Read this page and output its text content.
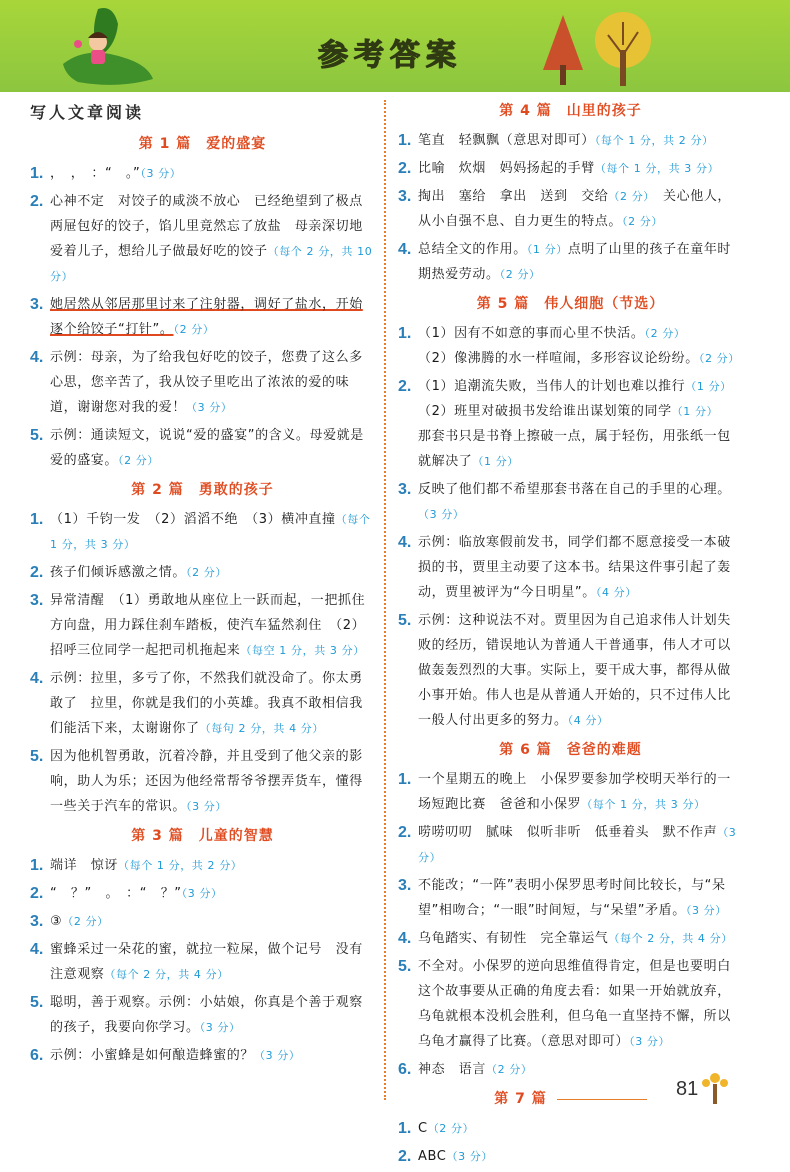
参考答案
写人文章阅读
第 1 篇　爱的盛宴
1. ，　，　：“　。”（3 分）
2. 心神不定　对饺子的咸淡不放心　已经绝望到了极点　两屉包好的饺子，馅儿里竟然忘了放盐　母亲深切地爱着儿子，想给儿子做最好吃的饺子（每个 2 分，共 10 分）
3. 她居然从邻居那里讨来了注射器，调好了盐水，开始逐个给饺子“打针”。（2 分）
4. 示例：母亲，为了给我包好吃的饺子，您费了这么多心思，您辛苦了，我从饺子里吃出了浓浓的爱的味道，谢谢您对我的爱！（3 分）
5. 示例：通读短文，说说“爱的盛宴”的含义。母爱就是爱的盛宴。（2 分）
第 2 篇　勇敢的孩子
1. （1）千钧一发　（2）滔滔不绝　（3）横冲直撞（每个 1 分，共 3 分）
2. 孩子们倾诉感激之情。（2 分）
3. 异常清醒　（1）勇敢地从座位上一跃而起，一把抓住方向盘，用力踩住刹车踏板，使汽车猛然刹住　（2）招呼三位同学一起把司机拖起来（每空 1 分，共 3 分）
4. 示例：拉里，多亏了你，不然我们就没命了。你太勇敢了　拉里，你就是我们的小英雄。我真不敢相信我们能活下来，太谢谢你了（每句 2 分，共 4 分）
5. 因为他机智勇敢，沉着冷静，并且受到了他父亲的影响，助人为乐；还因为他经常帮爷爷摆弄货车，懂得一些关于汽车的常识。（3 分）
第 3 篇　儿童的智慧
1. 端详　惊讶（每个 1 分，共 2 分）
2. “　？”　。　：“　？”（3 分）
3. ③（2 分）
4. 蜜蜂采过一朵花的蜜，就拉一粒屎，做个记号　没有注意观察（每个 2 分，共 4 分）
5. 聪明，善于观察。示例：小姑娘，你真是个善于观察的孩子，我要向你学习。（3 分）
6. 示例：小蜜蜂是如何酿造蜂蜜的？（3 分）
第 4 篇　山里的孩子
1. 笔直　轻飘飘（意思对即可）（每个 1 分，共 2 分）
2. 比喻　炊烟　妈妈扬起的手臂（每个 1 分，共 3 分）
3. 掏出　塞给　拿出　送到　交给（2 分）　 关心他人，从小自强不息、自力更生的特点。（2 分）
4. 总结全文的作用。（1 分）点明了山里的孩子在童年时期热爱劳动。（2 分）
第 5 篇　伟人细胞（节选）
1. （1）因有不如意的事而心里不快活。（2 分）
（2）像沸腾的水一样喧闹，多形容议论纷纷。（2 分）
2. （1）追潮流失败，当伟人的计划也难以推行（1 分）
（2）班里对破损书发给谁出谋划策的同学（1 分）
那套书只是书脊上擦破一点，属于轻伤，用张纸一包就解决了（1 分）
3. 反映了他们都不希望那套书落在自己的手里的心理。（3 分）
4. 示例：临放寒假前发书，同学们都不愿意接受一本破损的书，贾里主动要了这本书。结果这件事引起了轰动，贾里被评为“今日明星”。（4 分）
5. 示例：这种说法不对。贾里因为自己追求伟人计划失败的经历，错误地认为普通人干普通事，伟人才可以做轰轰烈烈的大事。实际上，要干成大事，都得从做小事开始。伟人也是从普通人开始的，只不过伟人比一般人付出更多的努力。（4 分）
第 6 篇　爸爸的难题
1. 一个星期五的晚上　小保罗要参加学校明天举行的一场短跑比赛　爸爸和小保罗（每个 1 分，共 3 分）
2. 唠唠叨叨　腻味　似听非听　低垂着头　默不作声（3 分）
3. 不能改；“一阵”表明小保罗思考时间比较长，与“呆望”相吻合；“一眼”时间短，与“呆望”矛盾。（3 分）
4. 乌龟踏实、有韧性　完全靠运气（每个 2 分，共 4 分）
5. 不全对。小保罗的逆向思维值得肯定，但是也要明白这个故事要从正确的角度去看：如果一开始就放弃，乌龟就根本没机会胜利，但乌龟一直坚持不懈，所以乌龟才赢得了比赛。（意思对即可）（3 分）
6. 神态　语言（2 分）
第 7 篇
1. C（2 分）
2. ABC（3 分）
81
